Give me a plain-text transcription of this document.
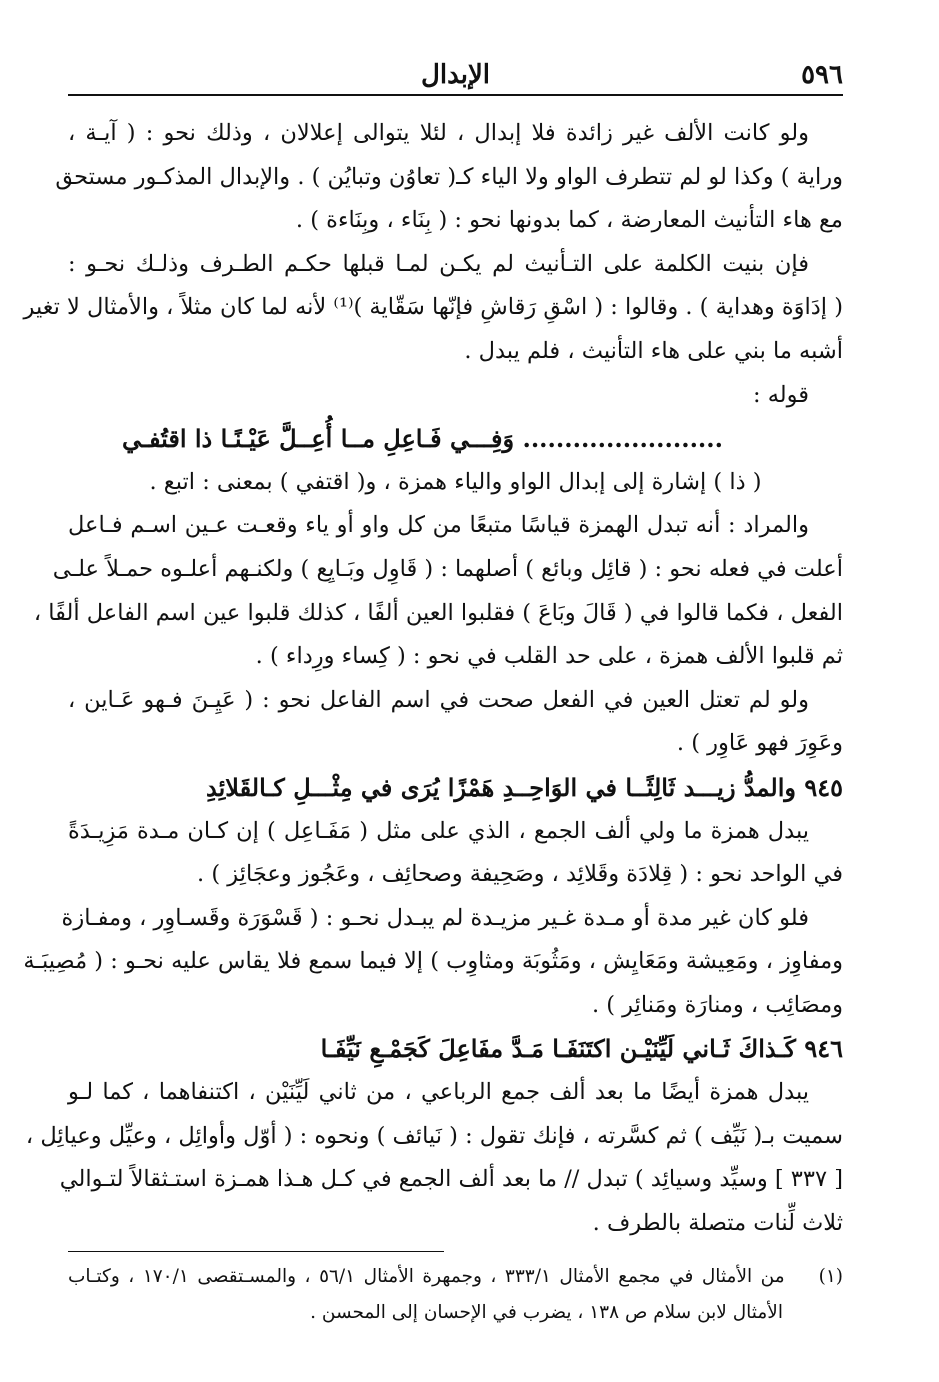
٥٩٦
الإبدال
ولو كانت الألف غير زائدة فلا إبدال ، لئلا يتوالى إعلالان ، وذلك نحو : ( آيـة ،
وراية ) وكذا لو لم تتطرف الواو ولا الياء كـ( تعاوُن وتبايُن ) . والإبدال المذكـور مستحق
مع هاء التأنيث المعارضة ، كما بدونها نحو : ( بِنَاء ، وبِنَاءة ) .
فإن بنيت الكلمة على التـأنيث لم يكـن لمـا قبلها حكـم الطـرف وذلـك نحـو :
( إدَاوَة وهداية ) . وقالوا : ( اسْقِ رَقاشِ فإنّها سَقّاية )⁽¹⁾ لأنه لما كان مثلاً ، والأمثال لا تغير
أشبه ما بني على هاء التأنيث ، فلم يبدل .
قوله :
........................ وَفِـــي فَـاعِلِ مــا أُعِــلَّ عَيْـنًـا ذا اقتُفـي
( ذا ) إشارة إلى إبدال الواو والياء همزة ، و( اقتفي ) بمعنى : اتبع .
والمراد : أنه تبدل الهمزة قياسًا متبعًا من كل واو أو ياء وقعـت عـين اسـم فـاعل
أعلت في فعله نحو : ( قائِل وبائع ) أصلهما : ( قَاوِل وبَـايِع ) ولكنـهم أعلـوه حمـلاً علـى
الفعل ، فكما قالوا في ( قَالَ وبَاعَ ) فقلبوا العين ألفًا ، كذلك قلبوا عين اسم الفاعل ألفًا ،
ثم قلبوا الألف همزة ، على حد القلب في نحو : ( كِساء ورِداء ) .
ولو لم تعتل العين في الفعل صحت في اسم الفاعل نحو : ( عَيِـنَ فـهو عَـاين ،
وعَوِرَ فهو عَاوِر ) .
٩٤٥ والمدُّ زيـــد ثَالِثًــا في الوَاحِــدِ هَمْزًا يُرَى في مِثْـــلِ كـالقَلائِدِ
يبدل همزة ما ولي ألف الجمع ، الذي على مثل ( مَفَـاعِل ) إن كـان مـدة مَزِيـدَةً
في الواحد نحو : ( قِلادَة وقَلائِد ، وصَحِيفة وصحائِف ، وعَجُوز وعجَائِز ) .
فلو كان غير مدة أو مـدة غـير مزيـدة لم يبـدل نحـو : ( قَسْوَرَة وقَسـاوِر ، ومفـازة
ومفاوِز ، ومَعِيشة ومَعَايِش ، ومَثُوبَة ومثاوِب ) إلا فيما سمع فلا يقاس عليه نحـو : ( مُصِيبَـة
ومصَائِب ، ومنارَة ومَنائِر ) .
٩٤٦ كَـذاكَ ثَـاني لَيِّنَيْـن اكتَنَفَـا مَـدَّ مفَاعِلَ كَجَمْـعِ نَيِّفَـا
يبدل همزة أيضًا ما بعد ألف جمع الرباعي ، من ثاني لَيِّنَيْن ، اكتنفاهما ، كما لـو
سميت بـ( نَيِّف ) ثم كسَّرته ، فإنك تقول : ( نَيائف ) ونحوه : ( أوّل وأوائِل ، وعيِّل وعيائِل ،
[ ٣٣٧ ] وسيِّد وسيائِد ) تبدل // ما بعد ألف الجمع في كـل هـذا همـزة استـثقالاً لتـوالي
ثلاث لِّنات متصلة بالطرف .
(١)من الأمثال في مجمع الأمثال ٣٣٣/١ ، وجمهرة الأمثال ٥٦/١ ، والمسـتقصى ١٧٠/١ ، وكتـاب
الأمثال لابن سلام ص ١٣٨ ، يضرب في الإحسان إلى المحسن .
